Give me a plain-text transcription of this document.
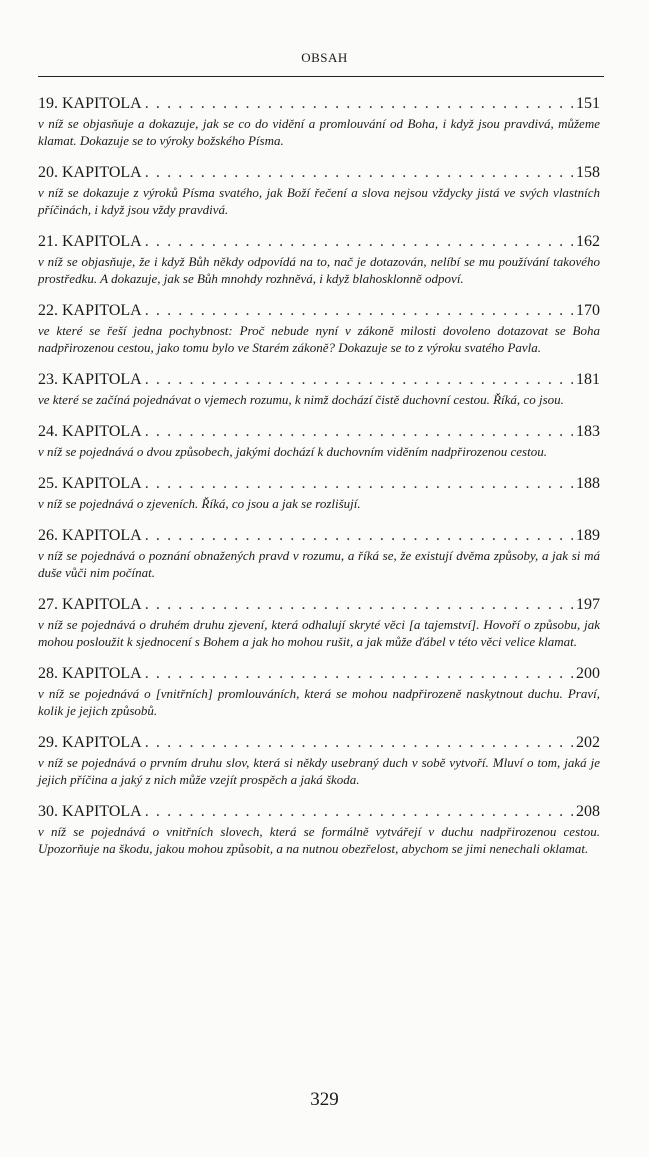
OBSAH
19. KAPITOLA . . .	151
v níž se objasňuje a dokazuje, jak se co do vidění a promlouvání od Boha, i když jsou pravdivá, můžeme klamat. Dokazuje se to výroky božského Písma.
20. KAPITOLA . . .	158
v níž se dokazuje z výroků Písma svatého, jak Boží řečení a slova nejsou vždycky jistá ve svých vlastních příčinách, i když jsou vždy pravdivá.
21. KAPITOLA . . .	162
v níž se objasňuje, že i když Bůh někdy odpovídá na to, nač je dotazován, nelíbí se mu používání takového prostředku. A dokazuje, jak se Bůh mnohdy rozhněvá, i když blahosklonně odpoví.
22. KAPITOLA . . .	170
ve které se řeší jedna pochybnost: Proč nebude nyní v zákoně milosti dovoleno dotazovat se Boha nadpřirozenou cestou, jako tomu bylo ve Starém zákoně? Dokazuje se to z výroku svatého Pavla.
23. KAPITOLA . . .	181
ve které se začíná pojednávat o vjemech rozumu, k nimž dochází čistě duchovní cestou. Říká, co jsou.
24. KAPITOLA . . .	183
v níž se pojednává o dvou způsobech, jakými dochází k duchovním viděním nadpřirozenou cestou.
25. KAPITOLA . . .	188
v níž se pojednává o zjeveních. Říká, co jsou a jak se rozlišují.
26. KAPITOLA . . .	189
v níž se pojednává o poznání obnažených pravd v rozumu, a říká se, že existují dvěma způsoby, a jak si má duše vůči nim počínat.
27. KAPITOLA . . .	197
v níž se pojednává o druhém druhu zjevení, která odhalují skryté věci [a tajemství]. Hovoří o způsobu, jak mohou posloužit k sjednocení s Bohem a jak ho mohou rušit, a jak může ďábel v této věci velice klamat.
28. KAPITOLA . . .	200
v níž se pojednává o [vnitřních] promlouváních, která se mohou nadpřirozeně naskytnout duchu. Praví, kolik je jejich způsobů.
29. KAPITOLA . . .	202
v níž se pojednává o prvním druhu slov, která si někdy usebraný duch v sobě vytvoří. Mluví o tom, jaká je jejich příčina a jaký z nich může vzejít prospěch a jaká škoda.
30. KAPITOLA . . .	208
v níž se pojednává o vnitřních slovech, která se formálně vytvářejí v duchu nadpřirozenou cestou. Upozorňuje na škodu, jakou mohou způsobit, a na nutnou obezřelost, abychom se jimi nenechali oklamat.
329
